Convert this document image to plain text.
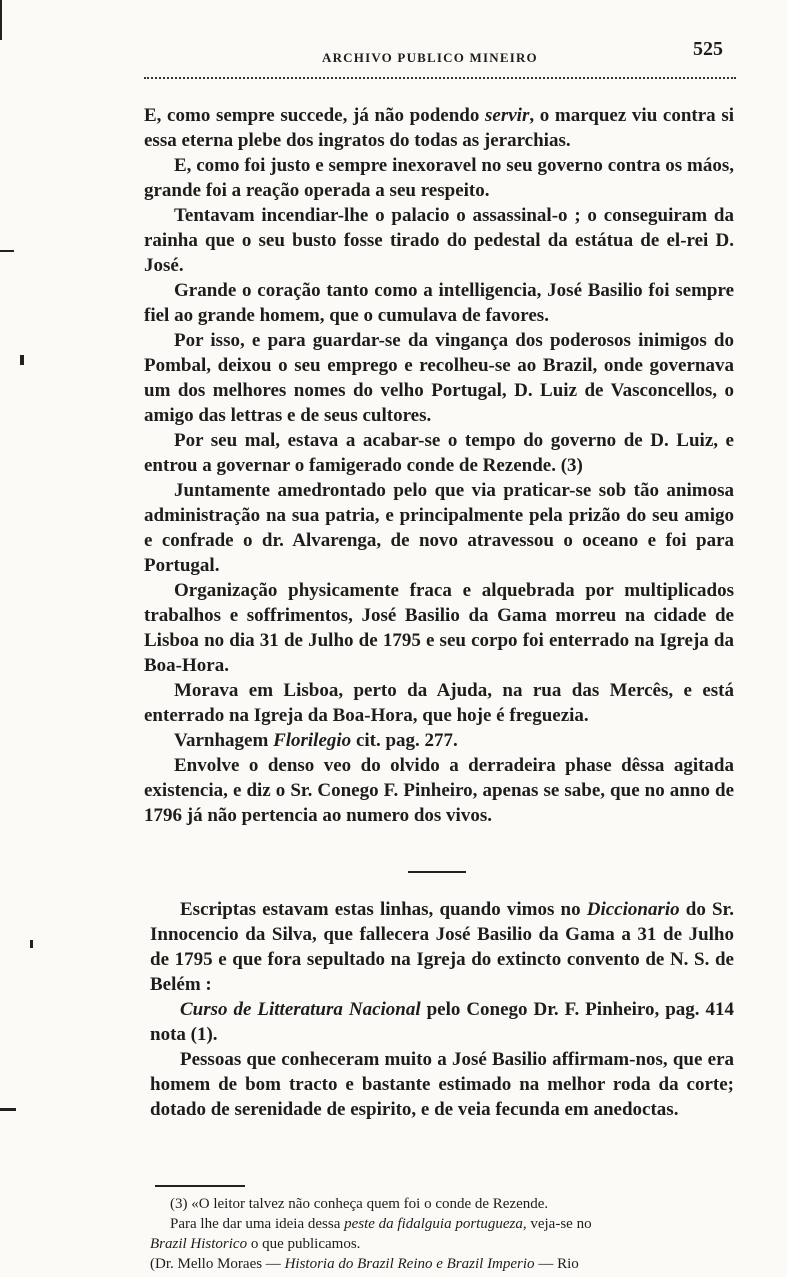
ARCHIVO PUBLICO MINEIRO	525

E, como sempre succede, já não podendo servir, o marquez viu contra si essa eterna plebe dos ingratos do todas as jerarchias.

E, como foi justo e sempre inexoravel no seu governo contra os máos, grande foi a reação operada a seu respeito.

Tentavam incendiar-lhe o palacio o assassinal-o ; o conseguiram da rainha que o seu busto fosse tirado do pedestal da estátua de el-rei D. José.

Grande o coração tanto como a intelligencia, José Basilio foi sempre fiel ao grande homem, que o cumulava de favores.

Por isso, e para guardar-se da vingança dos poderosos inimigos do Pombal, deixou o seu emprego e recolheu-se ao Brazil, onde governava um dos melhores nomes do velho Portugal, D. Luiz de Vasconcellos, o amigo das lettras e de seus cultores.

Por seu mal, estava a acabar-se o tempo do governo de D. Luiz, e entrou a governar o famigerado conde de Rezende. (3)

Juntamente amedrontado pelo que via praticar-se sob tão animosa administração na sua patria, e principalmente pela prizão do seu amigo e confrade o dr. Alvarenga, de novo atravessou o oceano e foi para Portugal.

Organização physicamente fraca e alquebrada por multiplicados trabalhos e soffrimentos, José Basilio da Gama morreu na cidade de Lisboa no dia 31 de Julho de 1795 e seu corpo foi enterrado na Igreja da Boa-Hora.

Morava em Lisboa, perto da Ajuda, na rua das Mercês, e está enterrado na Igreja da Boa-Hora, que hoje é freguezia.

Varnhagem Florilegio cit. pag. 277.

Envolve o denso veo do olvido a derradeira phase dêssa agitada existencia, e diz o Sr. Conego F. Pinheiro, apenas se sabe, que no anno de 1796 já não pertencia ao numero dos vivos.

Escriptas estavam estas linhas, quando vimos no Diccionario do Sr. Innocencio da Silva, que fallecera José Basilio da Gama a 31 de Julho de 1795 e que fora sepultado na Igreja do extincto convento de N. S. de Belém :

Curso de Litteratura Nacional pelo Conego Dr. F. Pinheiro, pag. 414 nota (1).

Pessoas que conheceram muito a José Basilio affirmam-nos, que era homem de bom tracto e bastante estimado na melhor roda da corte; dotado de serenidade de espirito, e de veia fecunda em anedoctas.

(3) «O leitor talvez não conheça quem foi o conde de Rezende.

Para lhe dar uma ideia dessa peste da fidalguia portugueza, veja-se no

Brazil Historico o que publicamos.

(Dr. Mello Moraes — Historia do Brazil Reino e Brazil Imperio — Rio
